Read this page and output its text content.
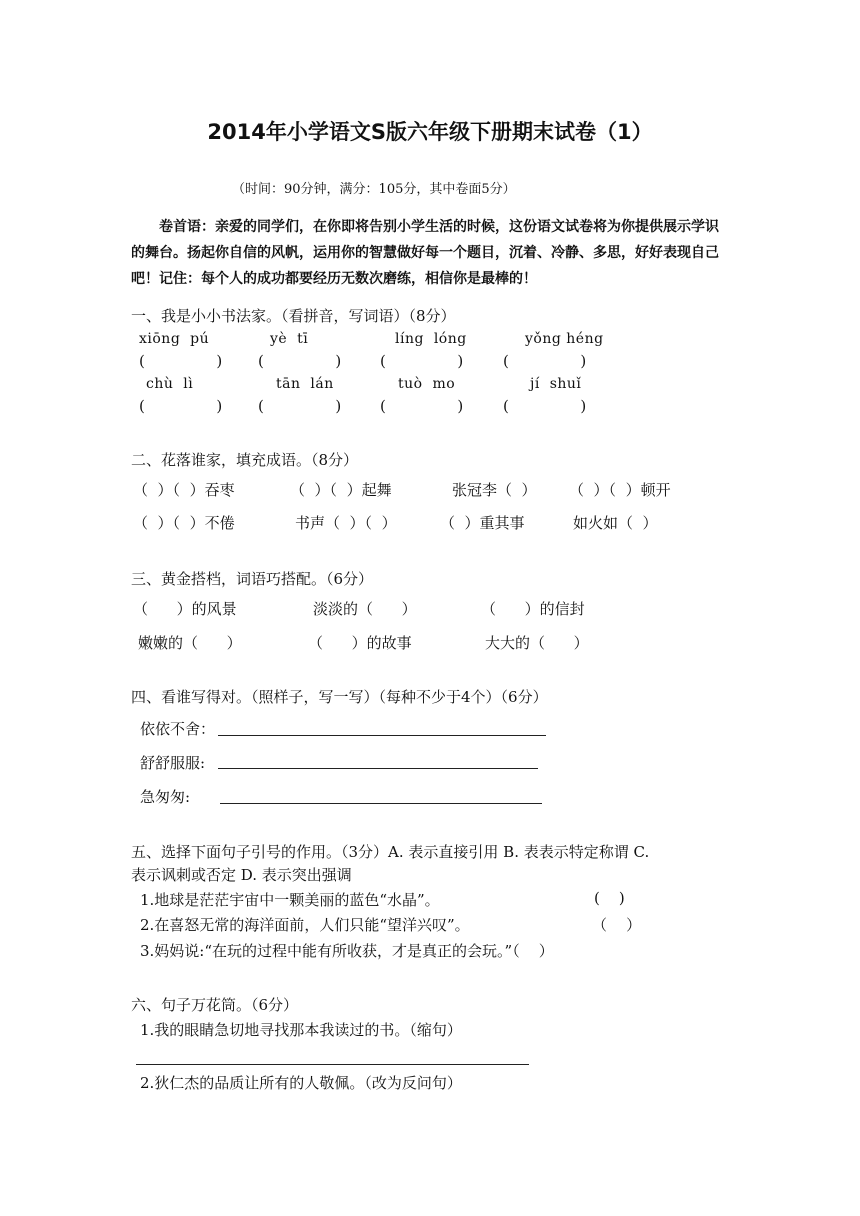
2014年小学语文S版六年级下册期末试卷（1）
（时间：90分钟，满分：105分，其中卷面5分）
卷首语：亲爱的同学们，在你即将告别小学生活的时候，这份语文试卷将为你提供展示学识的舞台。扬起你自信的风帆，运用你的智慧做好每一个题目，沉着、冷静、多思，好好表现自己吧！记住：每个人的成功都要经历无数次磨练，相信你是最棒的！
一、我是小小书法家。（看拼音，写词语）（8分）
xiōng  pú	yè  tī	líng  lóng	yǒng héng
(               ) (               )	(               )	(               )
chù  lì	tān  lán	tuò  mo	jí  shuǐ
(               ) (               )	(               )	(               )
二、花落谁家，填充成语。（8分）
（  ）（  ）吞枣	（  ）（  ）起舞	张冠李（  ） （  ）（  ）顿开
（  ）（  ）不倦	书声（  ）（  ）	（  ）重其事	如火如（  ）
三、黄金搭档，词语巧搭配。（6分）
（      ）的风景	淡淡的（      ）	（      ）的信封
嫩嫩的（      ）	（      ）的故事	大大的（      ）
四、看谁写得对。（照样子，写一写）（每种不少于4个）（6分）
依依不舍：
舒舒服服:
急匆匆:
五、选择下面句子引号的作用。（3分）A. 表示直接引用 B. 表表示特定称谓 C.
表示讽刺或否定 D. 表示突出强调
1.地球是茫茫宇宙中一颗美丽的蓝色“水晶”。	(    )
2.在喜怒无常的海洋面前，人们只能“望洋兴叹”。	（    ）
3.妈妈说:“在玩的过程中能有所收获，才是真正的会玩。”（    ）
六、句子万花筒。（6分）
1.我的眼睛急切地寻找那本我读过的书。（缩句）
2.狄仁杰的品质让所有的人敬佩。（改为反问句）
